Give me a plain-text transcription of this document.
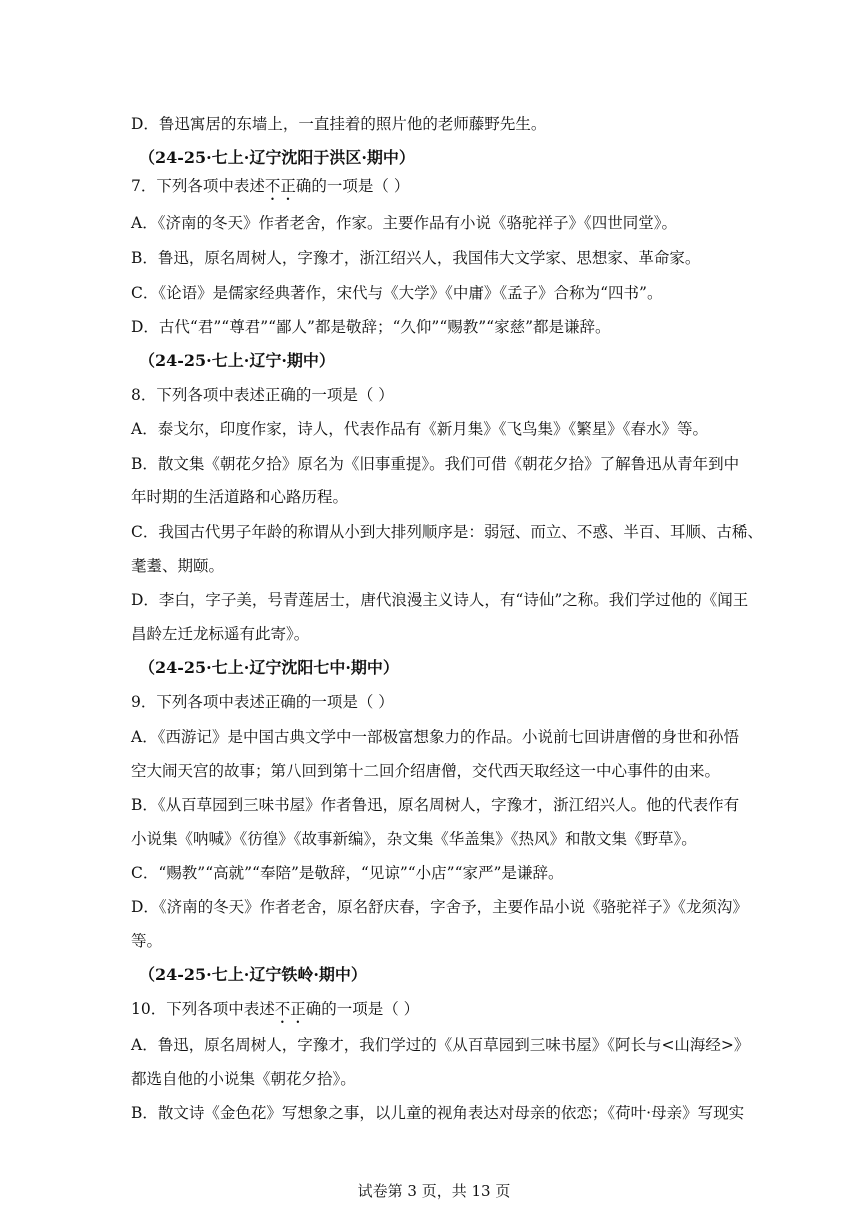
D．鲁迅寓居的东墙上，一直挂着的照片他的老师藤野先生。
（24-25·七上·辽宁沈阳于洪区·期中）
7．下列各项中表述不正确的一项是（ ）
A．《济南的冬天》作者老舍，作家。主要作品有小说《骆驼祥子》《四世同堂》。
B．鲁迅，原名周树人，字豫才，浙江绍兴人，我国伟大文学家、思想家、革命家。
C．《论语》是儒家经典著作，宋代与《大学》《中庸》《孟子》合称为“四书”。
D．古代“君”“尊君”“鄙人”都是敬辞；“久仰”“赐教”“家慈”都是谦辞。
（24-25·七上·辽宁·期中）
8．下列各项中表述正确的一项是（ ）
A．泰戈尔，印度作家，诗人，代表作品有《新月集》《飞鸟集》《繁星》《春水》等。
B．散文集《朝花夕拾》原名为《旧事重提》。我们可借《朝花夕拾》了解鲁迅从青年到中
年时期的生活道路和心路历程。
C．我国古代男子年龄的称谓从小到大排列顺序是：弱冠、而立、不惑、半百、耳顺、古稀、
耄耋、期颐。
D．李白，字子美，号青莲居士，唐代浪漫主义诗人，有“诗仙”之称。我们学过他的《闻王
昌龄左迁龙标遥有此寄》。
（24-25·七上·辽宁沈阳七中·期中）
9．下列各项中表述正确的一项是（ ）
A．《西游记》是中国古典文学中一部极富想象力的作品。小说前七回讲唐僧的身世和孙悟
空大闹天宫的故事；第八回到第十二回介绍唐僧，交代西天取经这一中心事件的由来。
B．《从百草园到三味书屋》作者鲁迅，原名周树人，字豫才，浙江绍兴人。他的代表作有
小说集《呐喊》《彷徨》《故事新编》，杂文集《华盖集》《热风》和散文集《野草》。
C．“赐教”“高就”“奉陪”是敬辞，“见谅”“小店”“家严”是谦辞。
D．《济南的冬天》作者老舍，原名舒庆春，字舍予，主要作品小说《骆驼祥子》《龙须沟》
等。
（24-25·七上·辽宁铁岭·期中）
10．下列各项中表述不正确的一项是（ ）
A．鲁迅，原名周树人，字豫才，我们学过的《从百草园到三味书屋》《阿长与<山海经>》
都选自他的小说集《朝花夕拾》。
B．散文诗《金色花》写想象之事，以儿童的视角表达对母亲的依恋；《荷叶·母亲》写现实
试卷第 3 页，共 13 页
